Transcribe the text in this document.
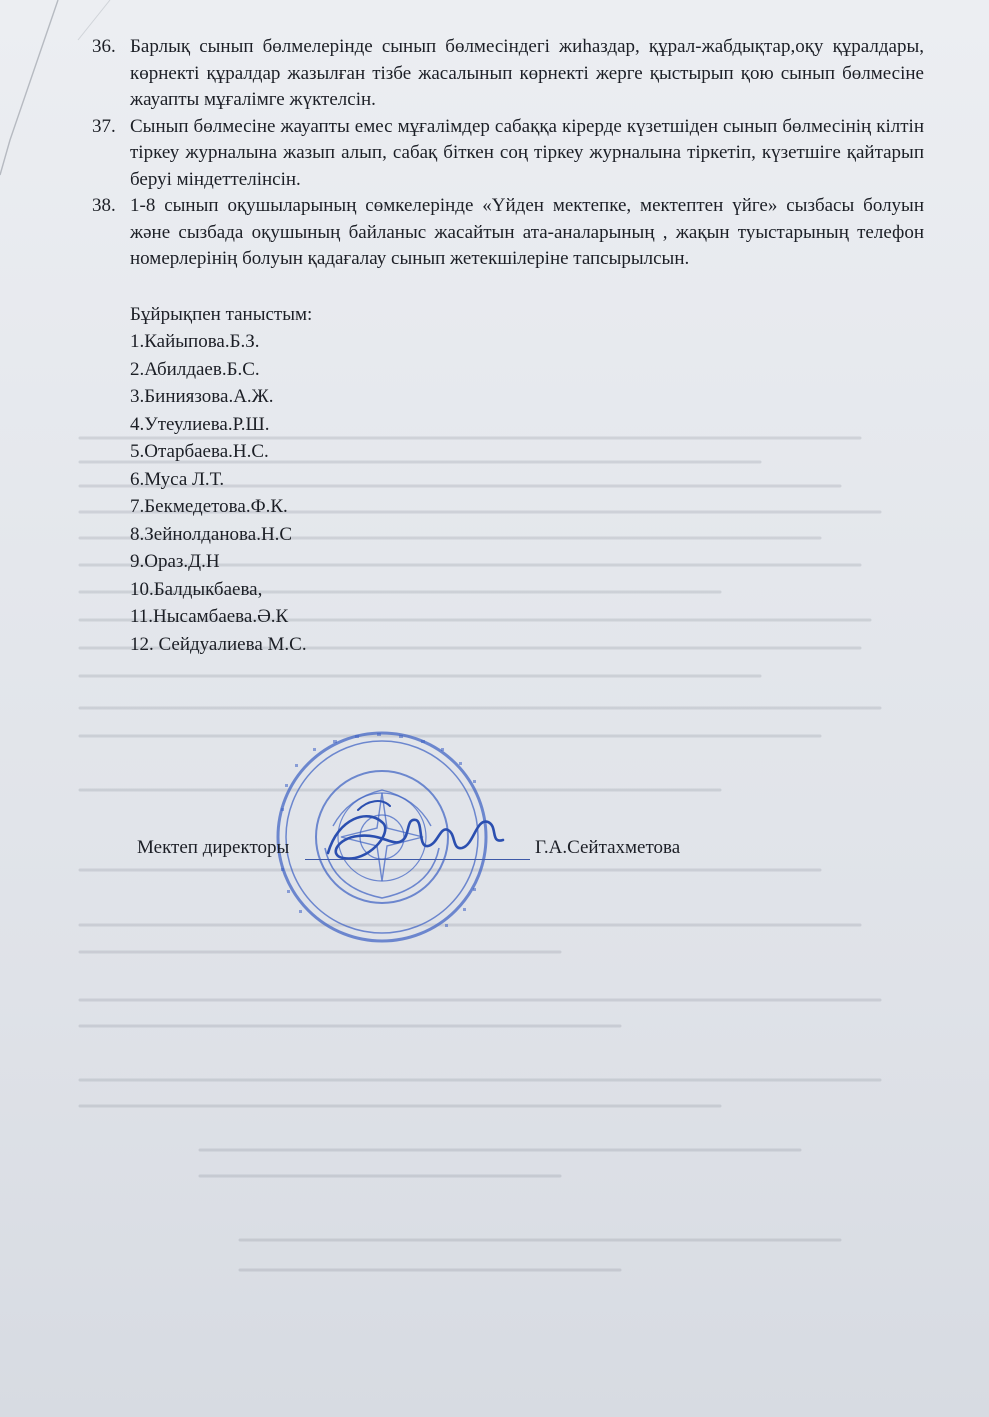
36. Барлық сынып бөлмелерінде сынып бөлмесіндегі жиһаздар, құрал-жабдықтар,оқу құралдары, көрнекті құралдар жазылған тізбе жасалынып көрнекті жерге қыстырып қою сынып бөлмесіне жауапты мұғалімге жүктелсін.
37. Сынып бөлмесіне жауапты емес мұғалімдер сабаққа кірерде күзетшіден сынып бөлмесінің кілтін тіркеу журналына жазып алып, сабақ біткен соң тіркеу журналына тіркетіп, күзетшіге қайтарып беруі міндеттелінсін.
38. 1-8 сынып оқушыларының сөмкелерінде «Үйден мектепке, мектептен үйге» сызбасы болуын және сызбада оқушының байланыс жасайтын ата-аналарының , жақын туыстарының телефон номерлерінің болуын қадағалау сынып жетекшілеріне тапсырылсын.

Бұйрықпен таныстым:

1.Кайыпова.Б.З.
2.Абилдаев.Б.С.
3.Биниязова.А.Ж.
4.Утеулиева.Р.Ш.
5.Отарбаева.Н.С.
6.Муса Л.Т.
7.Бекмедетова.Ф.К.
8.Зейнолданова.Н.С
9.Ораз.Д.Н
10.Балдыкбаева,
11.Нысамбаева.Ә.К
12. Сейдуалиева М.С.
Мектеп директоры	Г.А.Сейтахметова
